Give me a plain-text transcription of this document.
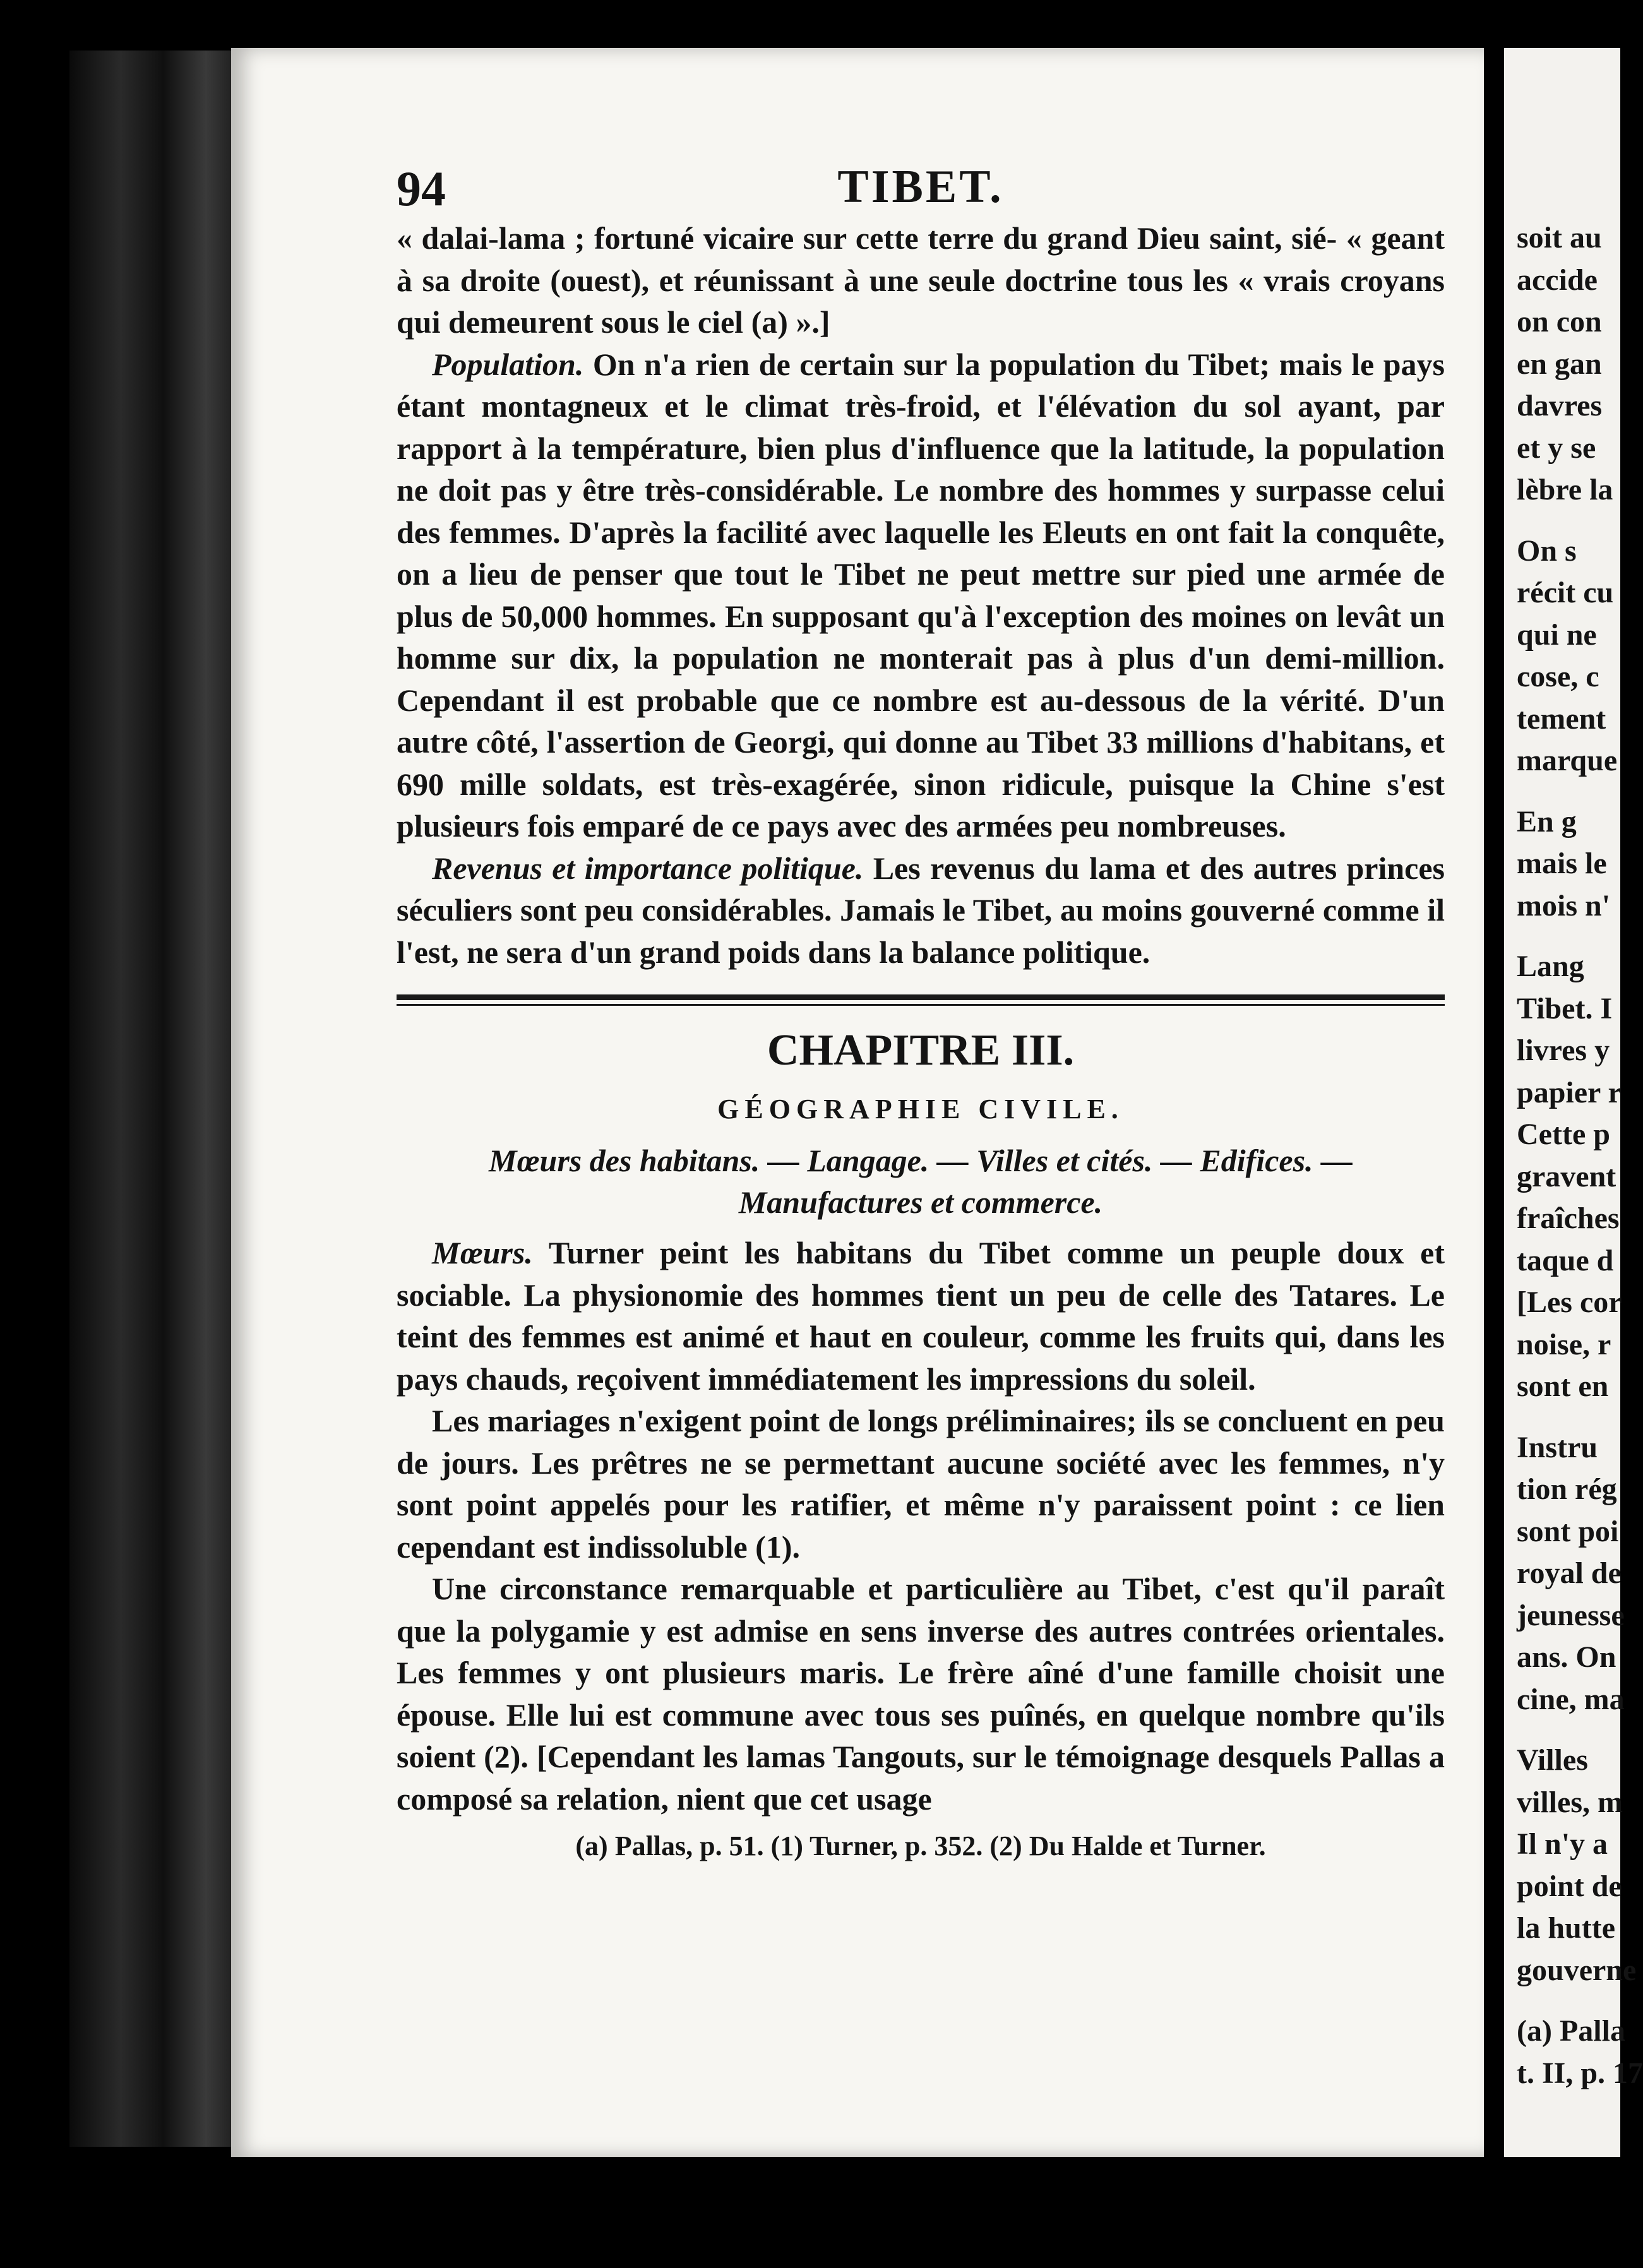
94	TIBET.

« dalai-lama ; fortuné vicaire sur cette terre du grand Dieu saint, sié- « geant à sa droite (ouest), et réunissant à une seule doctrine tous les « vrais croyans qui demeurent sous le ciel (a) ».]

Population. On n'a rien de certain sur la population du Tibet; mais le pays étant montagneux et le climat très-froid, et l'élévation du sol ayant, par rapport à la température, bien plus d'influence que la latitude, la population ne doit pas y être très-considérable. Le nombre des hommes y surpasse celui des femmes. D'après la facilité avec laquelle les Eleuts en ont fait la conquête, on a lieu de penser que tout le Tibet ne peut mettre sur pied une armée de plus de 50,000 hommes. En supposant qu'à l'exception des moines on levât un homme sur dix, la population ne monterait pas à plus d'un demi-million. Cependant il est probable que ce nombre est au-dessous de la vérité. D'un autre côté, l'assertion de Georgi, qui donne au Tibet 33 millions d'habitans, et 690 mille soldats, est très-exagérée, sinon ridicule, puisque la Chine s'est plusieurs fois emparé de ce pays avec des armées peu nombreuses.

Revenus et importance politique. Les revenus du lama et des autres princes séculiers sont peu considérables. Jamais le Tibet, au moins gouverné comme il l'est, ne sera d'un grand poids dans la balance politique.

CHAPITRE III.
GÉOGRAPHIE CIVILE.
Mœurs des habitans. — Langage. — Villes et cités. — Edifices. —
Manufactures et commerce.

Mœurs. Turner peint les habitans du Tibet comme un peuple doux et sociable. La physionomie des hommes tient un peu de celle des Tatares. Le teint des femmes est animé et haut en couleur, comme les fruits qui, dans les pays chauds, reçoivent immédiatement les impressions du soleil.

Les mariages n'exigent point de longs préliminaires; ils se concluent en peu de jours. Les prêtres ne se permettant aucune société avec les femmes, n'y sont point appelés pour les ratifier, et même n'y paraissent point : ce lien cependant est indissoluble (1).

Une circonstance remarquable et particulière au Tibet, c'est qu'il paraît que la polygamie y est admise en sens inverse des autres contrées orientales. Les femmes y ont plusieurs maris. Le frère aîné d'une famille choisit une épouse. Elle lui est commune avec tous ses puînés, en quelque nombre qu'ils soient (2). [Cependant les lamas Tangouts, sur le témoignage desquels Pallas a composé sa relation, nient que cet usage

(a) Pallas, p. 51. (1) Turner, p. 352. (2) Du Halde et Turner.
soit au
accide
on con
en gan
davres
et y se
lèbre la
On s
récit cu
qui ne
cose, c
tement
marque
En g
mais le
mois n'
Lang
Tibet. I
livres y
papier r
Cette p
gravent
fraîches
taque d
[Les cor
noise, r
sont en
Instru
tion rég
sont poi
royal de
jeunesse
ans. On
cine, ma
Villes
villes, m
Il n'y a
point de
la hutte
gouverne
(a) Palla
t. II, p. 17
